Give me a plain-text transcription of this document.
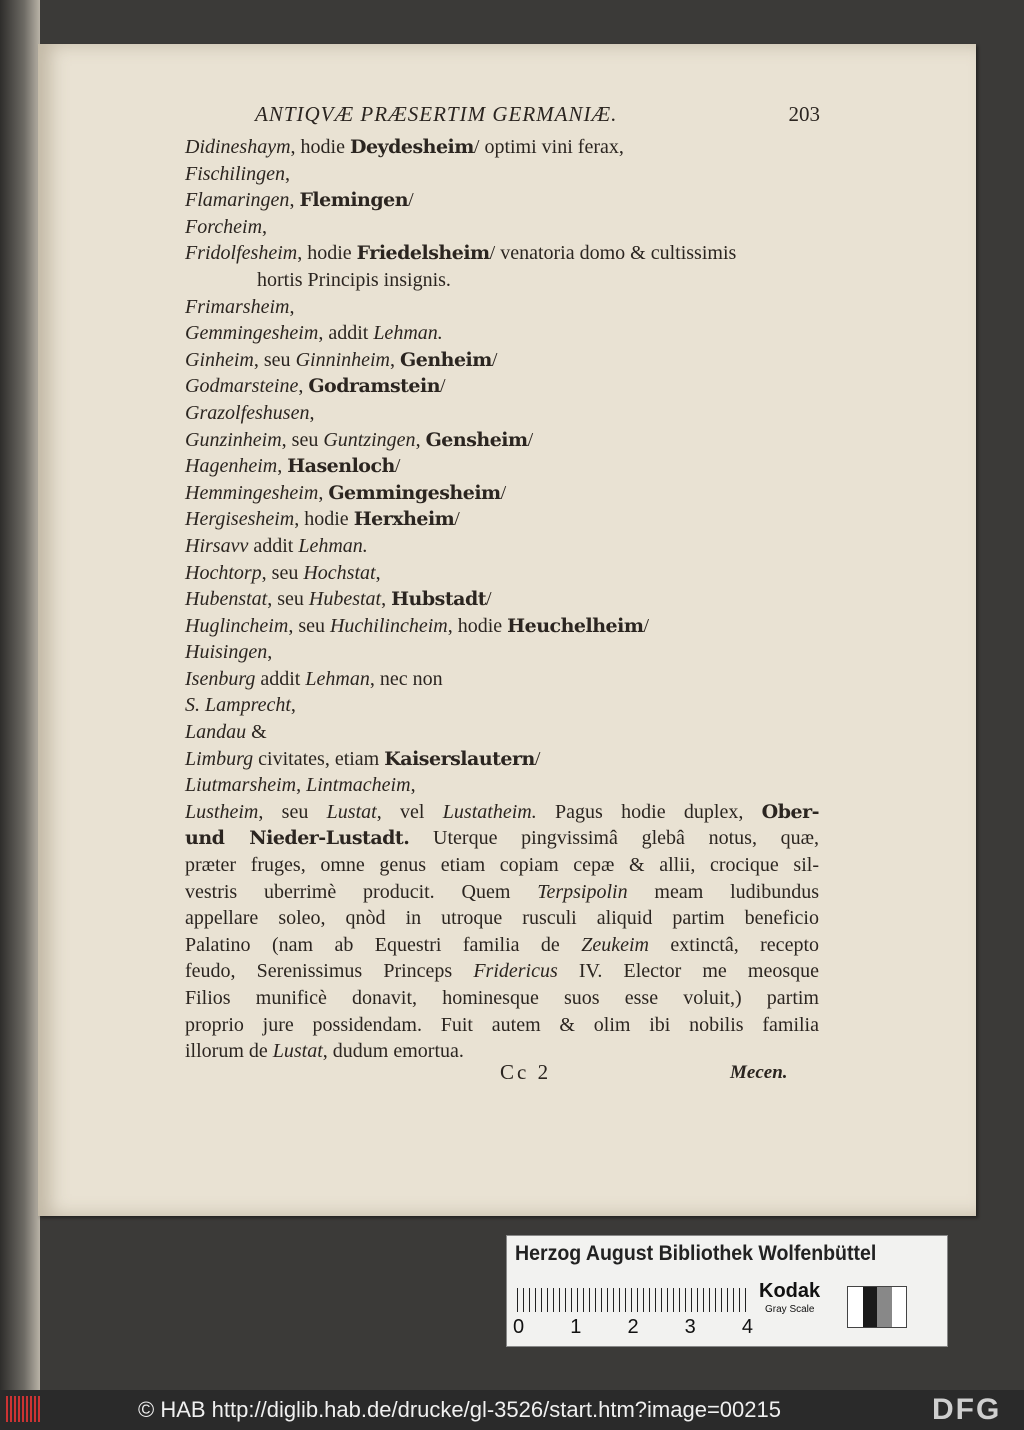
ANTIQVÆ PRÆSERTIM GERMANIÆ.	203
Didineshaym, hodie Deydesheim/ optimi vini ferax,
Fischilingen,
Flamaringen, Flemingen/
Forcheim,
Fridolfesheim, hodie Friedelsheim/ venatoria domo & cultissimis
hortis Principis insignis.
Frimarsheim,
Gemmingesheim, addit Lehman.
Ginheim, seu Ginninheim, Genheim/
Godmarsteine, Godramstein/
Grazolfeshusen,
Gunzinheim, seu Guntzingen, Gensheim/
Hagenheim, Hasenloch/
Hemmingesheim, Gemmingesheim/
Hergisesheim, hodie Herxheim/
Hirsavv addit Lehman.
Hochtorp, seu Hochstat,
Hubenstat, seu Hubestat, Hubstadt/
Huglincheim, seu Huchilincheim, hodie Heuchelheim/
Huisingen,
Isenburg addit Lehman, nec non
S. Lamprecht,
Landau &
Limburg civitates, etiam Kaiserslautern/
Liutmarsheim, Lintmacheim,
Lustheim, seu Lustat, vel Lustatheim. Pagus hodie duplex, Ober-
und Nieder-Lustadt. Uterque pingvissimâ glebâ notus, quæ,
præter fruges, omne genus etiam copiam cepæ & allii, crocique sil-
vestris uberrimè producit. Quem Terpsipolin meam ludibundus
appellare soleo, qnòd in utroque rusculi aliquid partim beneficio
Palatino (nam ab Equestri familia de Zeukeim extinctâ, recepto
feudo, Serenissimus Princeps Fridericus IV. Elector me meosque
Filios munificè donavit, hominesque suos esse voluit,) partim
proprio jure possidendam. Fuit autem & olim ibi nobilis familia
illorum de Lustat, dudum emortua.
Cc 2	Mecen.
Herzog August Bibliothek Wolfenbüttel
0 1 2 3 4
Kodak
Gray Scale
© HAB http://diglib.hab.de/drucke/gl-3526/start.htm?image=00215	DFG
